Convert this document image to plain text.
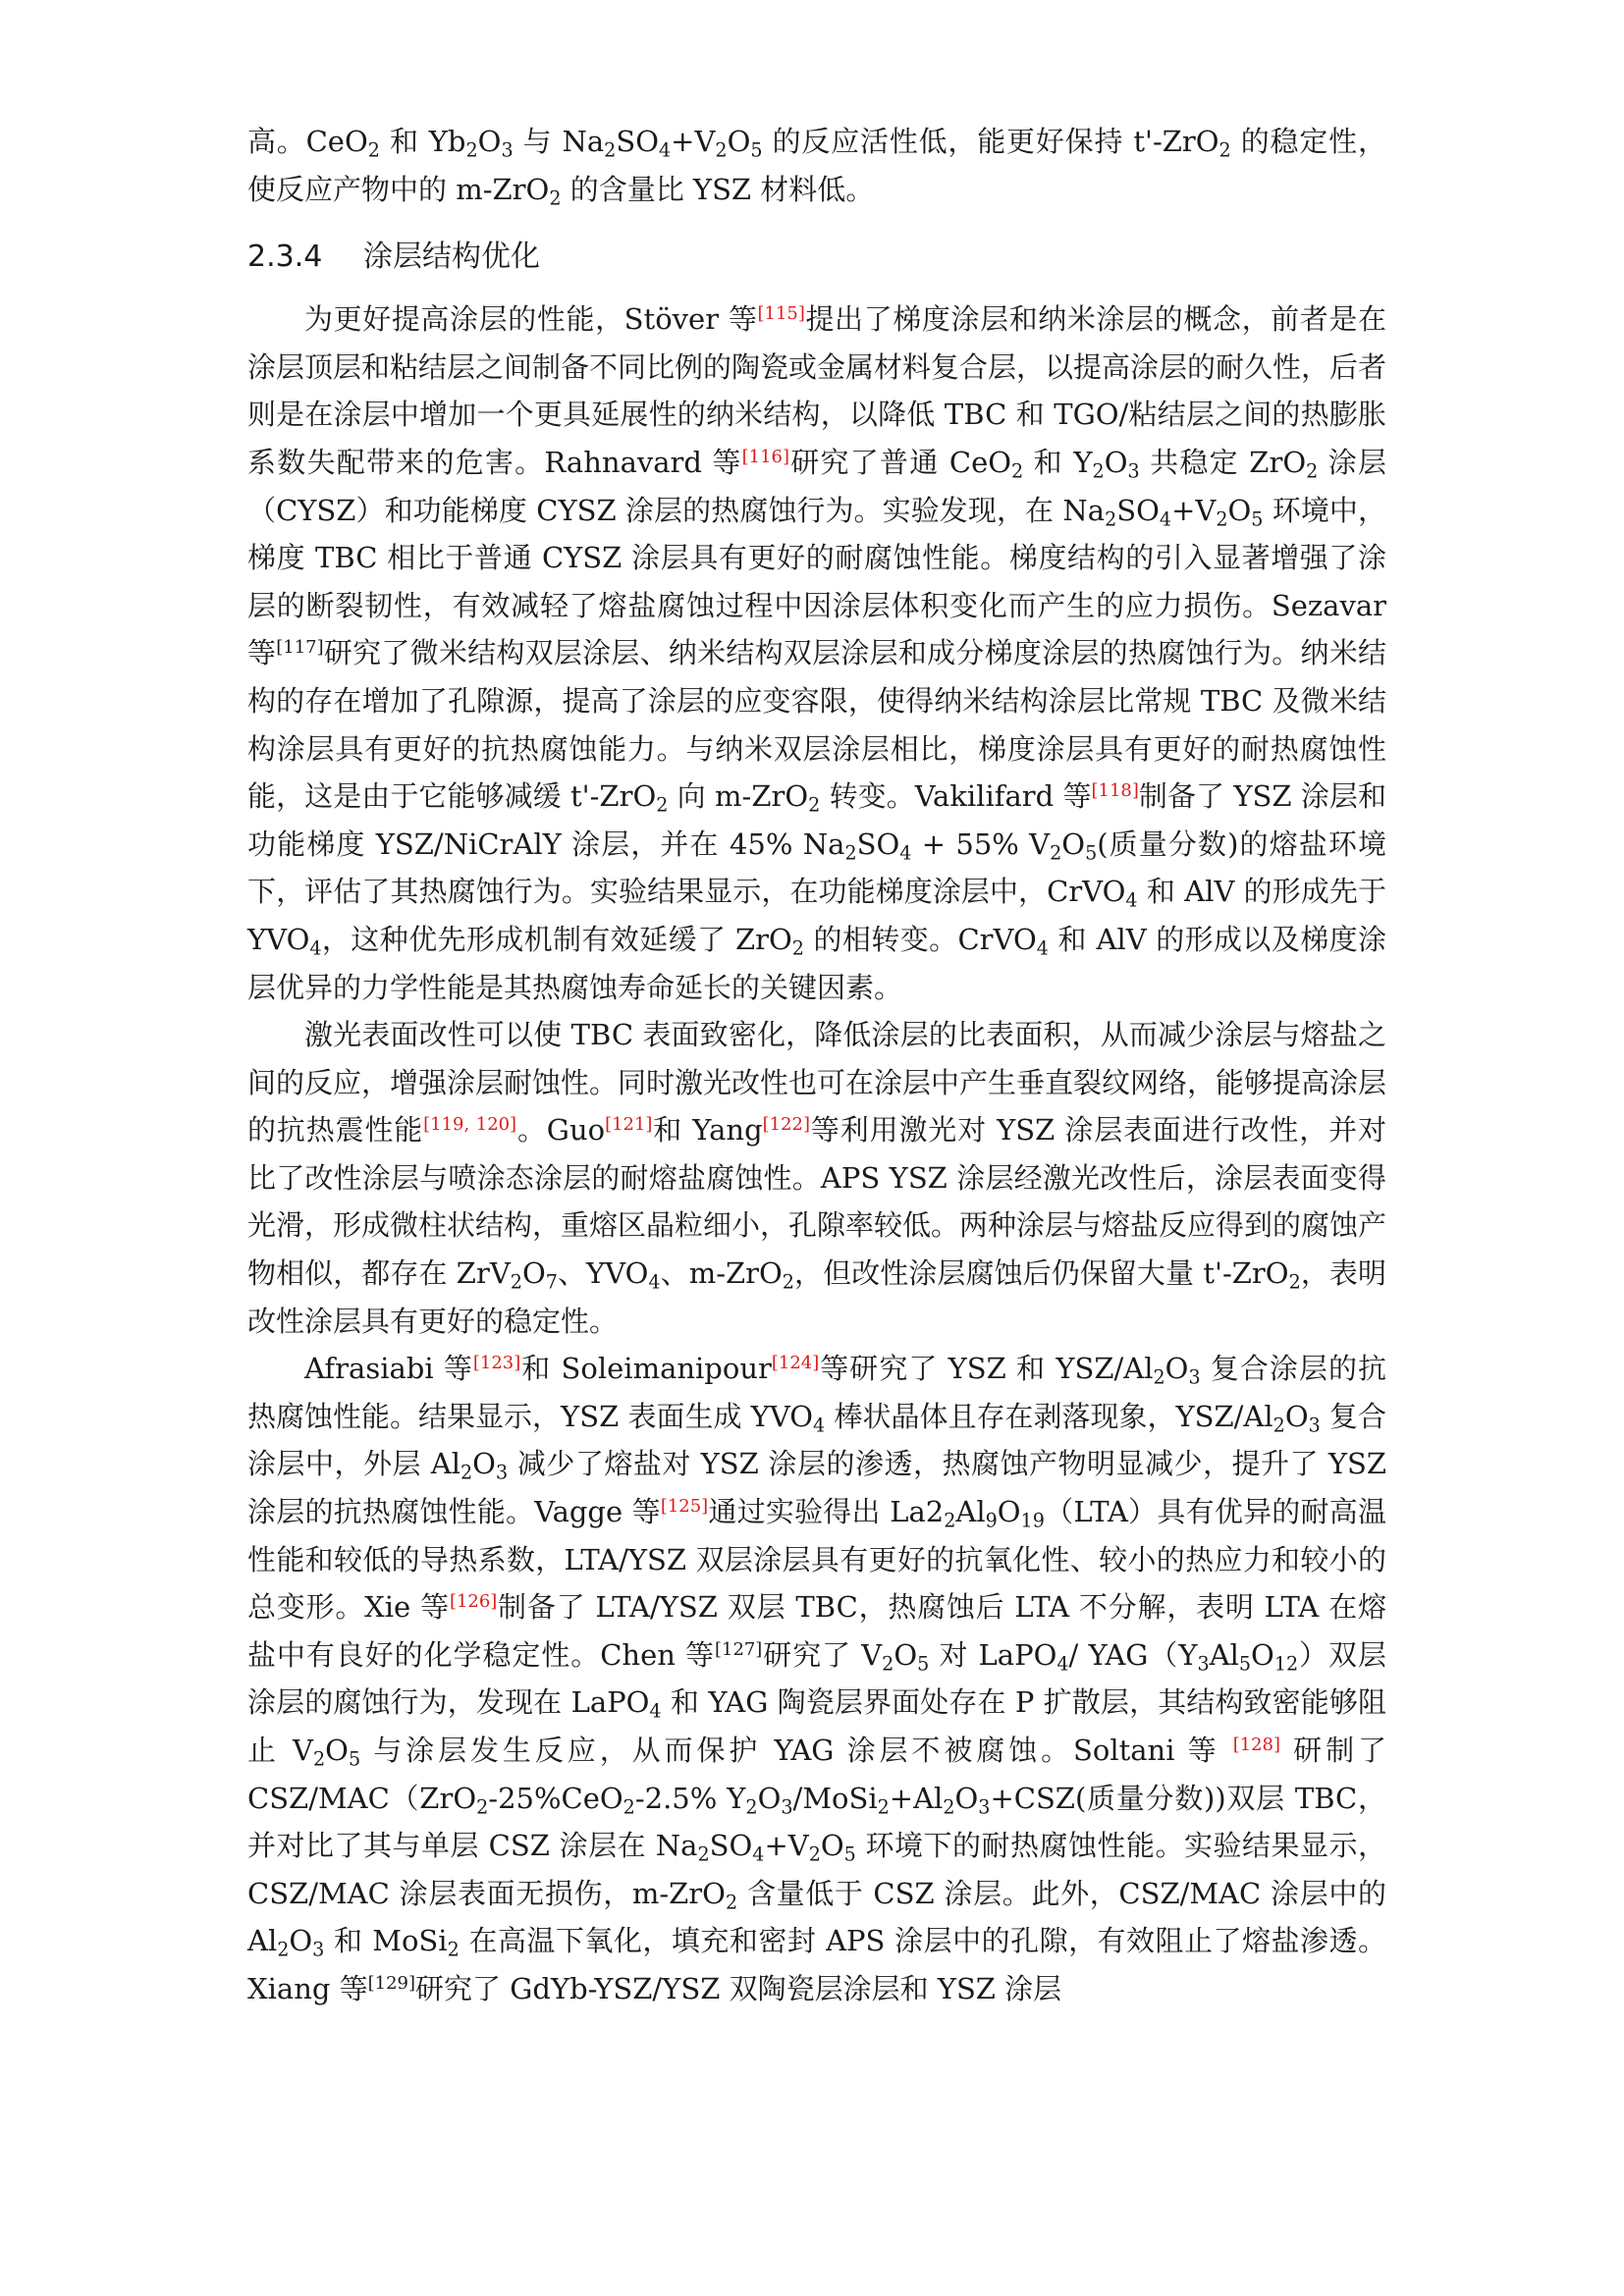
高。CeO$_2$ 和 $Yb_2O_3$ 与 $Na_2SO_4+V_2O_5$ 的反应活性低，能更好保持 t'-ZrO$_2$ 的稳定性，使反应产物中的 m-ZrO$_2$ 的含量比 YSZ 材料低。

2.3.4 涂层结构优化

为更好提高涂层的性能，Stöver 等[115]提出了梯度涂层和纳米涂层的概念，前者是在涂层顶层和粘结层之间制备不同比例的陶瓷或金属材料复合层，以提高涂层的耐久性，后者则是在涂层中增加一个更具延展性的纳米结构，以降低 TBC 和 TGO/粘结层之间的热膨胀系数失配带来的危害。Rahnavard 等[116]研究了普通 CeO$_2$ 和 $Y_2O_3$ 共稳定 ZrO$_2$ 涂层（CYSZ）和功能梯度 CYSZ 涂层的热腐蚀行为。实验发现，在 $Na_2SO_4+V_2O_5$ 环境中，梯度 TBC 相比于普通 CYSZ 涂层具有更好的耐腐蚀性能。梯度结构的引入显著增强了涂层的断裂韧性，有效减轻了熔盐腐蚀过程中因涂层体积变化而产生的应力损伤。Sezavar 等[117]研究了微米结构双层涂层、纳米结构双层涂层和成分梯度涂层的热腐蚀行为。纳米结构的存在增加了孔隙源，提高了涂层的应变容限，使得纳米结构涂层比常规 TBC 及微米结构涂层具有更好的抗热腐蚀能力。与纳米双层涂层相比，梯度涂层具有更好的耐热腐蚀性能，这是由于它能够减缓 t'-ZrO$_2$ 向 m-ZrO$_2$ 转变。Vakilifard 等[118]制备了 YSZ 涂层和功能梯度 YSZ/NiCrAlY 涂层，并在 45% $Na_2SO_4 + 55\%$ $V_2O_5$(质量分数)的熔盐环境下，评估了其热腐蚀行为。实验结果显示，在功能梯度涂层中，CrVO$_4$ 和 AlV 的形成先于 $YVO_4$，这种优先形成机制有效延缓了 ZrO$_2$ 的相转变。CrVO$_4$ 和 AlV 的形成以及梯度涂层优异的力学性能是其热腐蚀寿命延长的关键因素。

激光表面改性可以使 TBC 表面致密化，降低涂层的比表面积，从而减少涂层与熔盐之间的反应，增强涂层耐蚀性。同时激光改性也可在涂层中产生垂直裂纹网络，能够提高涂层的抗热震性能[119, 120]。Guo[121]和 Yang[122]等利用激光对 YSZ 涂层表面进行改性，并对比了改性涂层与喷涂态涂层的耐熔盐腐蚀性。APS YSZ 涂层经激光改性后，涂层表面变得光滑，形成微柱状结构，重熔区晶粒细小，孔隙率较低。两种涂层与熔盐反应得到的腐蚀产物相似，都存在 $ZrV_2O_7$、$YVO_4$、m-ZrO$_2$，但改性涂层腐蚀后仍保留大量 t'-ZrO$_2$，表明改性涂层具有更好的稳定性。

Afrasiabi 等[123]和 Soleimanipour[124]等研究了 YSZ 和 YSZ/$Al_2O_3$ 复合涂层的抗热腐蚀性能。结果显示，YSZ 表面生成 $YVO_4$ 棒状晶体且存在剥落现象，YSZ/$Al_2O_3$ 复合涂层中，外层 $Al_2O_3$ 减少了熔盐对 YSZ 涂层的渗透，热腐蚀产物明显减少，提升了 YSZ 涂层的抗热腐蚀性能。Vagge 等[125]通过实验得出 $La2_2Al_9O_{19}(LTA)$具有优异的耐高温性能和较低的导热系数，LTA/YSZ 双层涂层具有更好的抗氧化性、较小的热应力和较小的总变形。Xie 等[126]制备了 LTA/YSZ 双层 TBC，热腐蚀后 LTA 不分解，表明 LTA 在熔盐中有良好的化学稳定性。Chen 等[127]研究了 $V_2O_5$ 对 LaPO$_4$/ $YAG(Y_3Al_5O_{12})$双层涂层的腐蚀行为，发现在 LaPO$_4$ 和 YAG 陶瓷层界面处存在 P 扩散层，其结构致密能够阻止 $V_2O_5$ 与涂层发生反应，从而保护 YAG 涂层不被腐蚀。Soltani 等 [128] 研制了 CSZ/MAC（ZrO$_2$-25%CeO$_2$-2.5% $Y_2O_3/MoSi_2+Al_2O_3+CSZ$(质量分数))双层 TBC，并对比了其与单层 CSZ 涂层在 $Na_2SO_4+V_2O_5$ 环境下的耐热腐蚀性能。实验结果显示，CSZ/MAC 涂层表面无损伤，m-ZrO$_2$ 含量低于 CSZ 涂层。此外，CSZ/MAC 涂层中的 $Al_2O_3$ 和 MoSi$_2$ 在高温下氧化，填充和密封 APS 涂层中的孔隙，有效阻止了熔盐渗透。Xiang 等[129]研究了 GdYb-YSZ/YSZ 双陶瓷层涂层和 YSZ 涂层
